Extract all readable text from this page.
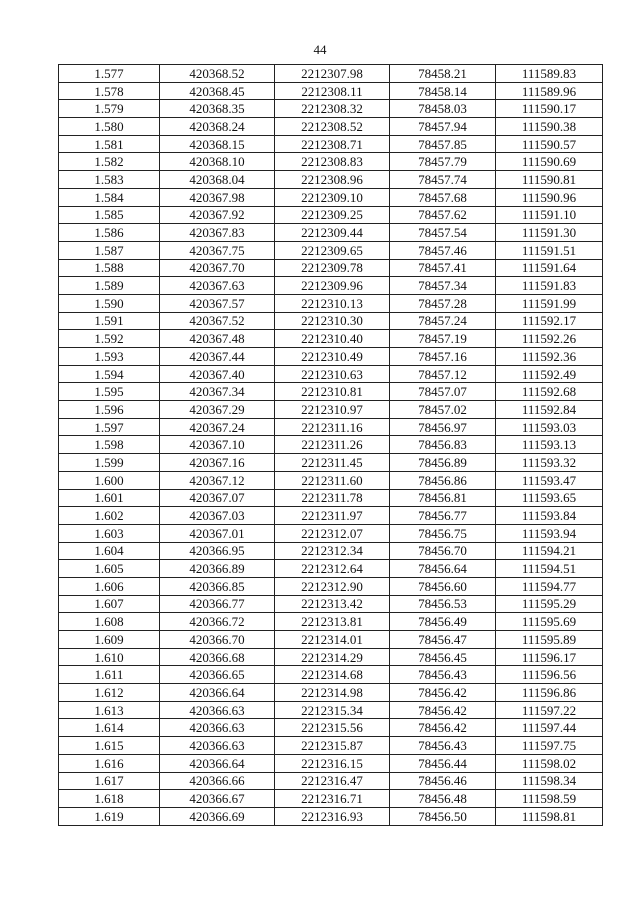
44
1.577	420368.52	2212307.98	78458.21	111589.83
1.578	420368.45	2212308.11	78458.14	111589.96
1.579	420368.35	2212308.32	78458.03	111590.17
1.580	420368.24	2212308.52	78457.94	111590.38
1.581	420368.15	2212308.71	78457.85	111590.57
1.582	420368.10	2212308.83	78457.79	111590.69
1.583	420368.04	2212308.96	78457.74	111590.81
1.584	420367.98	2212309.10	78457.68	111590.96
1.585	420367.92	2212309.25	78457.62	111591.10
1.586	420367.83	2212309.44	78457.54	111591.30
1.587	420367.75	2212309.65	78457.46	111591.51
1.588	420367.70	2212309.78	78457.41	111591.64
1.589	420367.63	2212309.96	78457.34	111591.83
1.590	420367.57	2212310.13	78457.28	111591.99
1.591	420367.52	2212310.30	78457.24	111592.17
1.592	420367.48	2212310.40	78457.19	111592.26
1.593	420367.44	2212310.49	78457.16	111592.36
1.594	420367.40	2212310.63	78457.12	111592.49
1.595	420367.34	2212310.81	78457.07	111592.68
1.596	420367.29	2212310.97	78457.02	111592.84
1.597	420367.24	2212311.16	78456.97	111593.03
1.598	420367.10	2212311.26	78456.83	111593.13
1.599	420367.16	2212311.45	78456.89	111593.32
1.600	420367.12	2212311.60	78456.86	111593.47
1.601	420367.07	2212311.78	78456.81	111593.65
1.602	420367.03	2212311.97	78456.77	111593.84
1.603	420367.01	2212312.07	78456.75	111593.94
1.604	420366.95	2212312.34	78456.70	111594.21
1.605	420366.89	2212312.64	78456.64	111594.51
1.606	420366.85	2212312.90	78456.60	111594.77
1.607	420366.77	2212313.42	78456.53	111595.29
1.608	420366.72	2212313.81	78456.49	111595.69
1.609	420366.70	2212314.01	78456.47	111595.89
1.610	420366.68	2212314.29	78456.45	111596.17
1.611	420366.65	2212314.68	78456.43	111596.56
1.612	420366.64	2212314.98	78456.42	111596.86
1.613	420366.63	2212315.34	78456.42	111597.22
1.614	420366.63	2212315.56	78456.42	111597.44
1.615	420366.63	2212315.87	78456.43	111597.75
1.616	420366.64	2212316.15	78456.44	111598.02
1.617	420366.66	2212316.47	78456.46	111598.34
1.618	420366.67	2212316.71	78456.48	111598.59
1.619	420366.69	2212316.93	78456.50	111598.81
